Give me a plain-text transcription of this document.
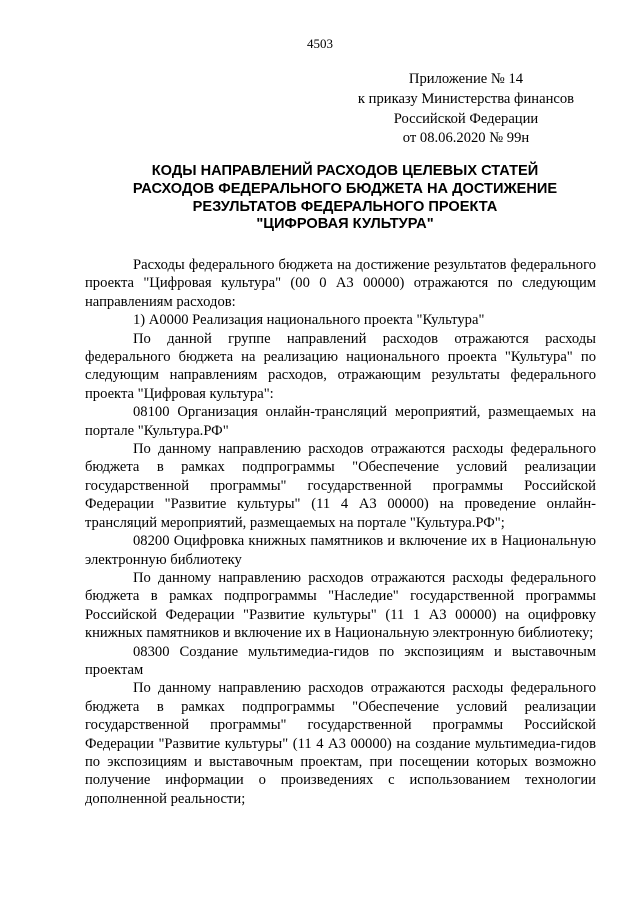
4503
Приложение № 14
к приказу Министерства финансов
Российской Федерации
от 08.06.2020 № 99н
КОДЫ НАПРАВЛЕНИЙ РАСХОДОВ ЦЕЛЕВЫХ СТАТЕЙ
РАСХОДОВ ФЕДЕРАЛЬНОГО БЮДЖЕТА НА ДОСТИЖЕНИЕ
РЕЗУЛЬТАТОВ ФЕДЕРАЛЬНОГО ПРОЕКТА
"ЦИФРОВАЯ КУЛЬТУРА"

Расходы федерального бюджета на достижение результатов федерального проекта "Цифровая культура" (00 0 А3 00000) отражаются по следующим направлениям расходов:

1) А0000 Реализация национального проекта "Культура"

По данной группе направлений расходов отражаются расходы федерального бюджета на реализацию национального проекта "Культура" по следующим направлениям расходов, отражающим результаты федерального проекта "Цифровая культура":

08100 Организация онлайн-трансляций мероприятий, размещаемых на портале "Культура.РФ"

По данному направлению расходов отражаются расходы федерального бюджета в рамках подпрограммы "Обеспечение условий реализации государственной программы" государственной программы Российской Федерации "Развитие культуры" (11 4 А3 00000) на проведение онлайн-трансляций мероприятий, размещаемых на портале "Культура.РФ";

08200 Оцифровка книжных памятников и включение их в Национальную электронную библиотеку

По данному направлению расходов отражаются расходы федерального бюджета в рамках подпрограммы "Наследие" государственной программы Российской Федерации "Развитие культуры" (11 1 А3 00000) на оцифровку книжных памятников и включение их в Национальную электронную библиотеку;

08300 Создание мультимедиа-гидов по экспозициям и выставочным проектам

По данному направлению расходов отражаются расходы федерального бюджета в рамках подпрограммы "Обеспечение условий реализации государственной программы" государственной программы Российской Федерации "Развитие культуры" (11 4 А3 00000) на создание мультимедиа-гидов по экспозициям и выставочным проектам, при посещении которых возможно получение информации о произведениях с использованием технологии дополненной реальности;
